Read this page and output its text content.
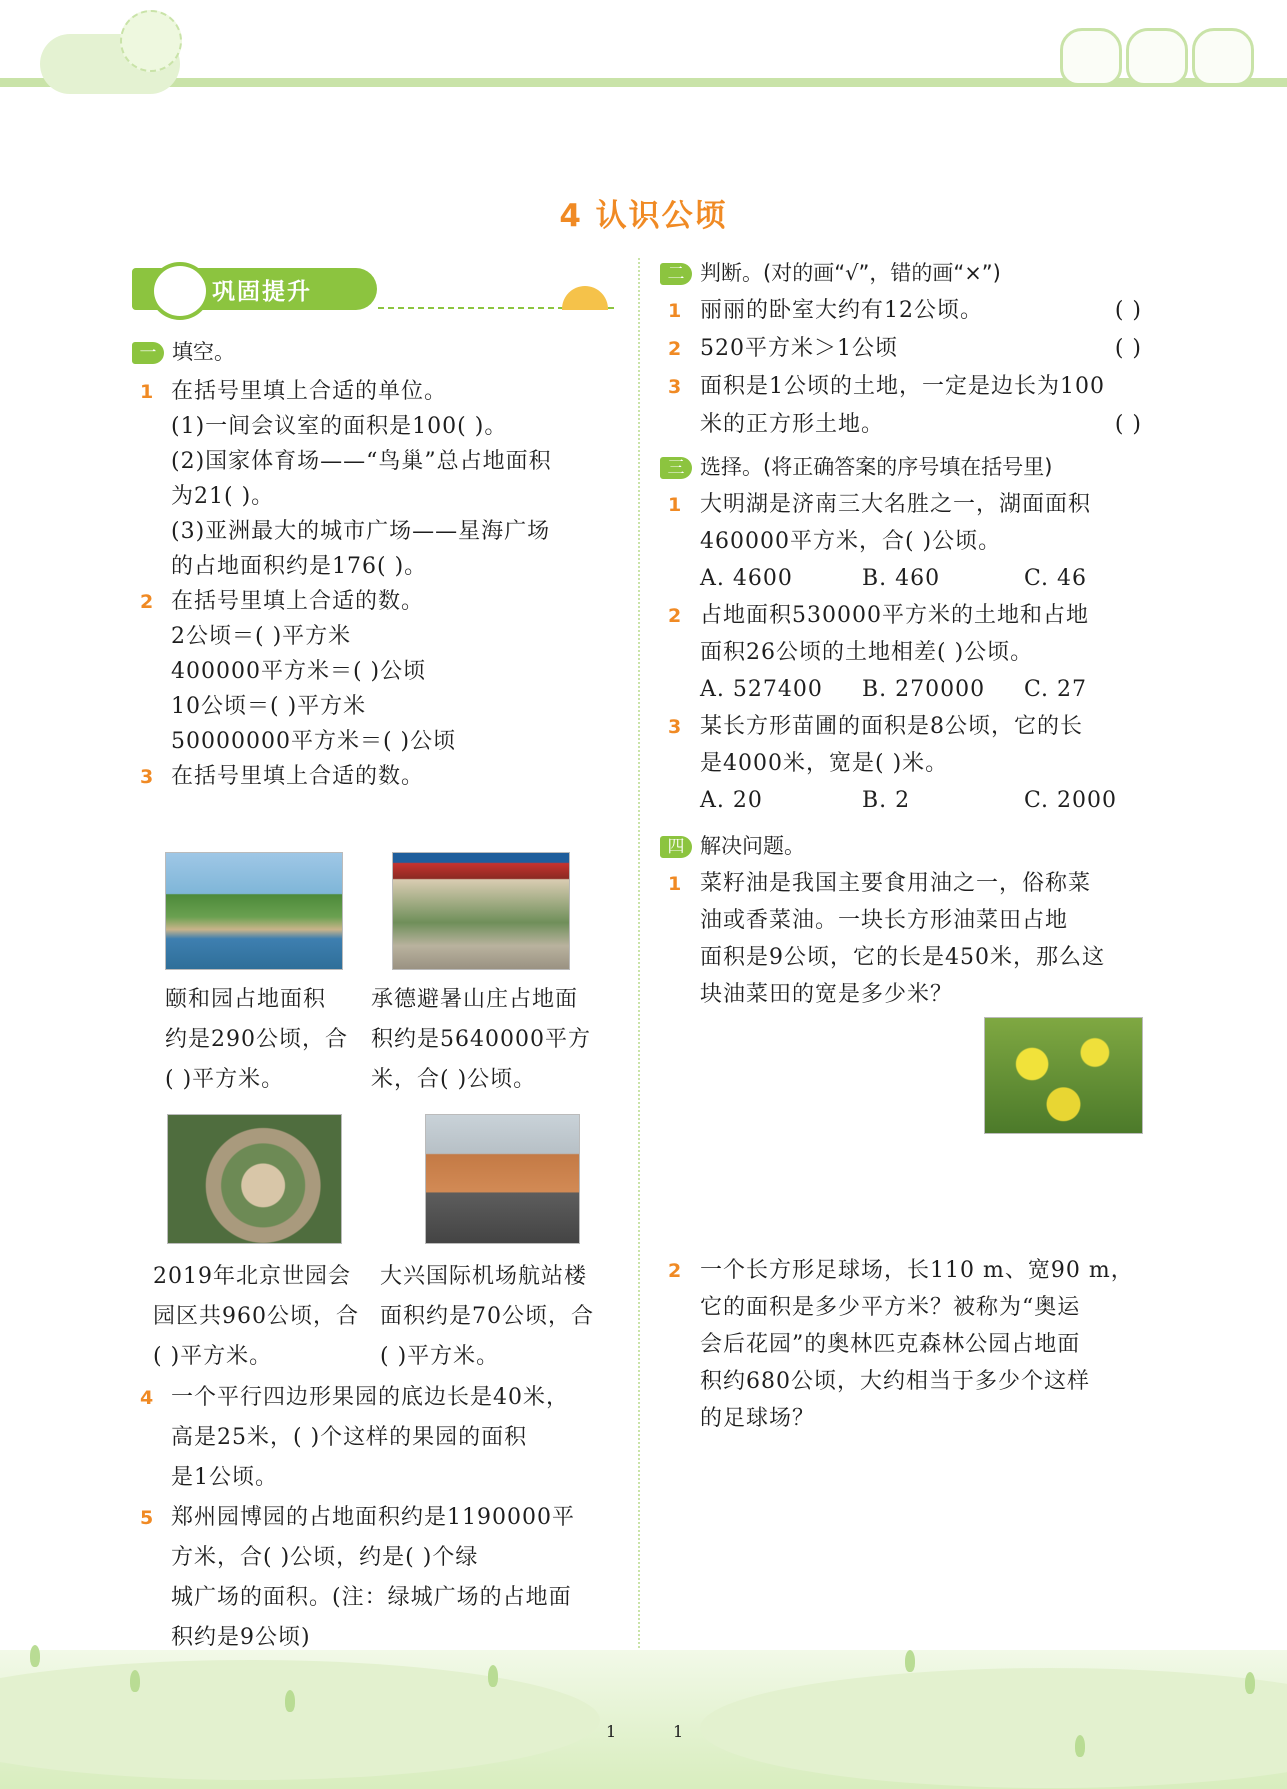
4 认识公顷
巩固提升
一 填空。
1 在括号里填上合适的单位。
(1)一间会议室的面积是100( )。
(2)国家体育场——“鸟巢”总占地面积
为21( )。
(3)亚洲最大的城市广场——星海广场
的占地面积约是176( )。
2 在括号里填上合适的数。
2公顷＝( )平方米
400000平方米＝( )公顷
10公顷＝( )平方米
50000000平方米＝( )公顷
3 在括号里填上合适的数。
颐和园占地面积
约是290公顷，合
( )平方米。
承德避暑山庄占地面
积约是5640000平方
米，合( )公顷。
2019年北京世园会
园区共960公顷，合
( )平方米。
大兴国际机场航站楼
面积约是70公顷，合
( )平方米。
4 一个平行四边形果园的底边长是40米，
高是25米，( )个这样的果园的面积
是1公顷。
5 郑州园博园的占地面积约是1190000平
方米，合( )公顷，约是( )个绿
城广场的面积。(注：绿城广场的占地面
积约是9公顷)
二 判断。(对的画“√”，错的画“×”)
1 丽丽的卧室大约有12公顷。	( )
2 520平方米＞1公顷	( )
3 面积是1公顷的土地，一定是边长为100
米的正方形土地。	( )
三 选择。(将正确答案的序号填在括号里)
1 大明湖是济南三大名胜之一，湖面面积
460000平方米，合( )公顷。
A. 4600	B. 460	C. 46
2 占地面积530000平方米的土地和占地
面积26公顷的土地相差( )公顷。
A. 527400 B. 270000 C. 27
3 某长方形苗圃的面积是8公顷，它的长
是4000米，宽是( )米。
A. 20	B. 2	C. 2000
四 解决问题。
1 菜籽油是我国主要食用油之一，俗称菜
油或香菜油。一块长方形油菜田占地
面积是9公顷，它的长是450米，那么这
块油菜田的宽是多少米？
2 一个长方形足球场，长110 m、宽90 m，
它的面积是多少平方米？被称为“奥运
会后花园”的奥林匹克森林公园占地面
积约680公顷，大约相当于多少个这样
的足球场？
1	1
